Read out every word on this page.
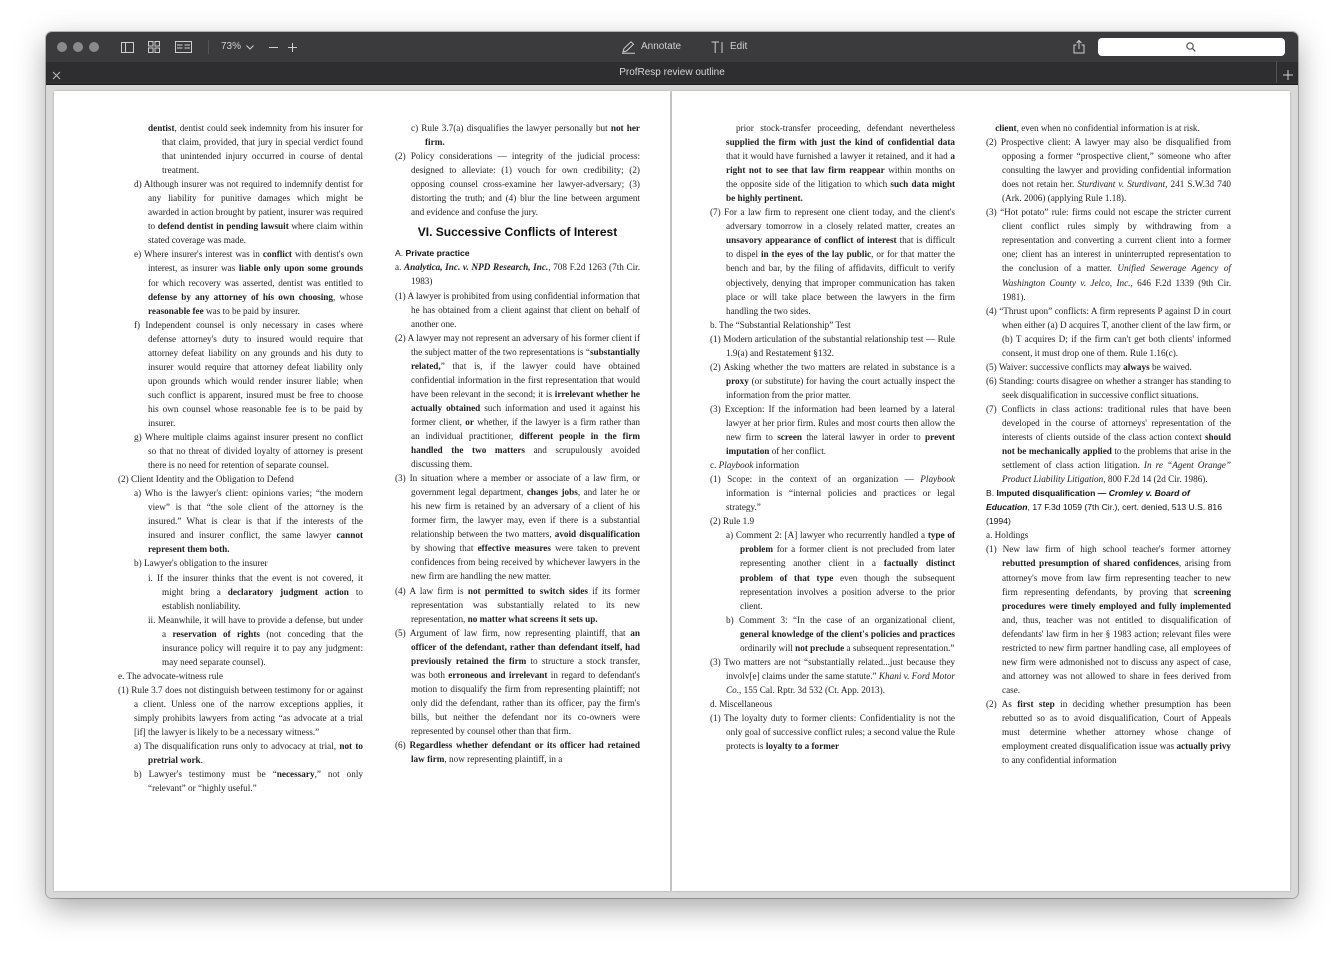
73%	Annotate	Edit
ProfResp review outline

dentist, dentist could seek indemnity from his insurer for that claim, provided, that jury in special verdict found that unintended injury occurred in course of dental treatment.

d) Although insurer was not required to indemnify dentist for any liability for punitive damages which might be awarded in action brought by patient, insurer was required to defend dentist in pending lawsuit where claim within stated coverage was made.

e) Where insurer's interest was in conflict with dentist's own interest, as insurer was liable only upon some grounds for which recovery was asserted, dentist was entitled to defense by any attorney of his own choosing, whose reasonable fee was to be paid by insurer.

f) Independent counsel is only necessary in cases where defense attorney's duty to insured would require that attorney defeat liability on any grounds and his duty to insurer would require that attorney defeat liability only upon grounds which would render insurer liable; when such conflict is apparent, insured must be free to choose his own counsel whose reasonable fee is to be paid by insurer.

g) Where multiple claims against insurer present no conflict so that no threat of divided loyalty of attorney is present there is no need for retention of separate counsel.

(2) Client Identity and the Obligation to Defend

a) Who is the lawyer's client: opinions varies; “the modern view” is that “the sole client of the attorney is the insured.” What is clear is that if the interests of the insured and insurer conflict, the same lawyer cannot represent them both.

b) Lawyer's obligation to the insurer

i. If the insurer thinks that the event is not covered, it might bring a declaratory judgment action to establish nonliability.

ii. Meanwhile, it will have to provide a defense, but under a reservation of rights (not conceding that the insurance policy will require it to pay any judgment: may need separate counsel).

e. The advocate-witness rule

(1) Rule 3.7 does not distinguish between testimony for or against a client. Unless one of the narrow exceptions applies, it simply prohibits lawyers from acting “as advocate at a trial [if] the lawyer is likely to be a necessary witness.”

a) The disqualification runs only to advocacy at trial, not to pretrial work.

b) Lawyer's testimony must be “necessary,” not only “relevant” or “highly useful.”

c) Rule 3.7(a) disqualifies the lawyer personally but not her firm.

(2) Policy considerations — integrity of the judicial process: designed to alleviate: (1) vouch for own credibility; (2) opposing counsel cross-examine her lawyer-adversary; (3) distorting the truth; and (4) blur the line between argument and evidence and confuse the jury.

VI. Successive Conflicts of Interest

A. Private practice

a. Analytica, Inc. v. NPD Research, Inc., 708 F.2d 1263 (7th Cir. 1983)

(1) A lawyer is prohibited from using confidential information that he has obtained from a client against that client on behalf of another one.

(2) A lawyer may not represent an adversary of his former client if the subject matter of the two representations is “substantially related,” that is, if the lawyer could have obtained confidential information in the first representation that would have been relevant in the second; it is irrelevant whether he actually obtained such information and used it against his former client, or whether, if the lawyer is a firm rather than an individual practitioner, different people in the firm handled the two matters and scrupulously avoided discussing them.

(3) In situation where a member or associate of a law firm, or government legal department, changes jobs, and later he or his new firm is retained by an adversary of a client of his former firm, the lawyer may, even if there is a substantial relationship between the two matters, avoid disqualification by showing that effective measures were taken to prevent confidences from being received by whichever lawyers in the new firm are handling the new matter.

(4) A law firm is not permitted to switch sides if its former representation was substantially related to its new representation, no matter what screens it sets up.

(5) Argument of law firm, now representing plaintiff, that an officer of the defendant, rather than defendant itself, had previously retained the firm to structure a stock transfer, was both erroneous and irrelevant in regard to defendant's motion to disqualify the firm from representing plaintiff; not only did the defendant, rather than its officer, pay the firm's bills, but neither the defendant nor its co-owners were represented by counsel other than that firm.

(6) Regardless whether defendant or its officer had retained law firm, now representing plaintiff, in a

prior stock-transfer proceeding, defendant nevertheless supplied the firm with just the kind of confidential data that it would have furnished a lawyer it retained, and it had a right not to see that law firm reappear within months on the opposite side of the litigation to which such data might be highly pertinent.

(7) For a law firm to represent one client today, and the client's adversary tomorrow in a closely related matter, creates an unsavory appearance of conflict of interest that is difficult to dispel in the eyes of the lay public, or for that matter the bench and bar, by the filing of affidavits, difficult to verify objectively, denying that improper communication has taken place or will take place between the lawyers in the firm handling the two sides.

b. The “Substantial Relationship” Test

(1) Modern articulation of the substantial relationship test — Rule 1.9(a) and Restatement §132.

(2) Asking whether the two matters are related in substance is a proxy (or substitute) for having the court actually inspect the information from the prior matter.

(3) Exception: If the information had been learned by a lateral lawyer at her prior firm. Rules and most courts then allow the new firm to screen the lateral lawyer in order to prevent imputation of her conflict.

c. Playbook information

(1) Scope: in the context of an organization — Playbook information is “internal policies and practices or legal strategy.”

(2) Rule 1.9

a) Comment 2: [A] lawyer who recurrently handled a type of problem for a former client is not precluded from later representing another client in a factually distinct problem of that type even though the subsequent representation involves a position adverse to the prior client.

b) Comment 3: “In the case of an organizational client, general knowledge of the client's policies and practices ordinarily will not preclude a subsequent representation.”

(3) Two matters are not “substantially related...just because they involv[e] claims under the same statute.” Khani v. Ford Motor Co., 155 Cal. Rptr. 3d 532 (Ct. App. 2013).

d. Miscellaneous

(1) The loyalty duty to former clients: Confidentiality is not the only goal of successive conflict rules; a second value the Rule protects is loyalty to a former

client, even when no confidential information is at risk.

(2) Prospective client: A lawyer may also be disqualified from opposing a former “prospective client,” someone who after consulting the lawyer and providing confidential information does not retain her. Sturdivant v. Sturdivant, 241 S.W.3d 740 (Ark. 2006) (applying Rule 1.18).

(3) “Hot potato” rule: firms could not escape the stricter current client conflict rules simply by withdrawing from a representation and converting a current client into a former one; client has an interest in uninterrupted representation to the conclusion of a matter. Unified Sewerage Agency of Washington County v. Jelco, Inc., 646 F.2d 1339 (9th Cir. 1981).

(4) “Thrust upon” conflicts: A firm represents P against D in court when either (a) D acquires T, another client of the law firm, or (b) T acquires D; if the firm can't get both clients' informed consent, it must drop one of them. Rule 1.16(c).

(5) Waiver: successive conflicts may always be waived.

(6) Standing: courts disagree on whether a stranger has standing to seek disqualification in successive conflict situations.

(7) Conflicts in class actions: traditional rules that have been developed in the course of attorneys' representation of the interests of clients outside of the class action context should not be mechanically applied to the problems that arise in the settlement of class action litigation. In re “Agent Orange” Product Liability Litigation, 800 F.2d 14 (2d Cir. 1986).

B. Imputed disqualification — Cromley v. Board of Education, 17 F.3d 1059 (7th Cir.), cert. denied, 513 U.S. 816 (1994)

a. Holdings

(1) New law firm of high school teacher's former attorney rebutted presumption of shared confidences, arising from attorney's move from law firm representing teacher to new firm representing defendants, by proving that screening procedures were timely employed and fully implemented and, thus, teacher was not entitled to disqualification of defendants' law firm in her § 1983 action; relevant files were restricted to new firm partner handling case, all employees of new firm were admonished not to discuss any aspect of case, and attorney was not allowed to share in fees derived from case.

(2) As first step in deciding whether presumption has been rebutted so as to avoid disqualification, Court of Appeals must determine whether attorney whose change of employment created disqualification issue was actually privy to any confidential information
